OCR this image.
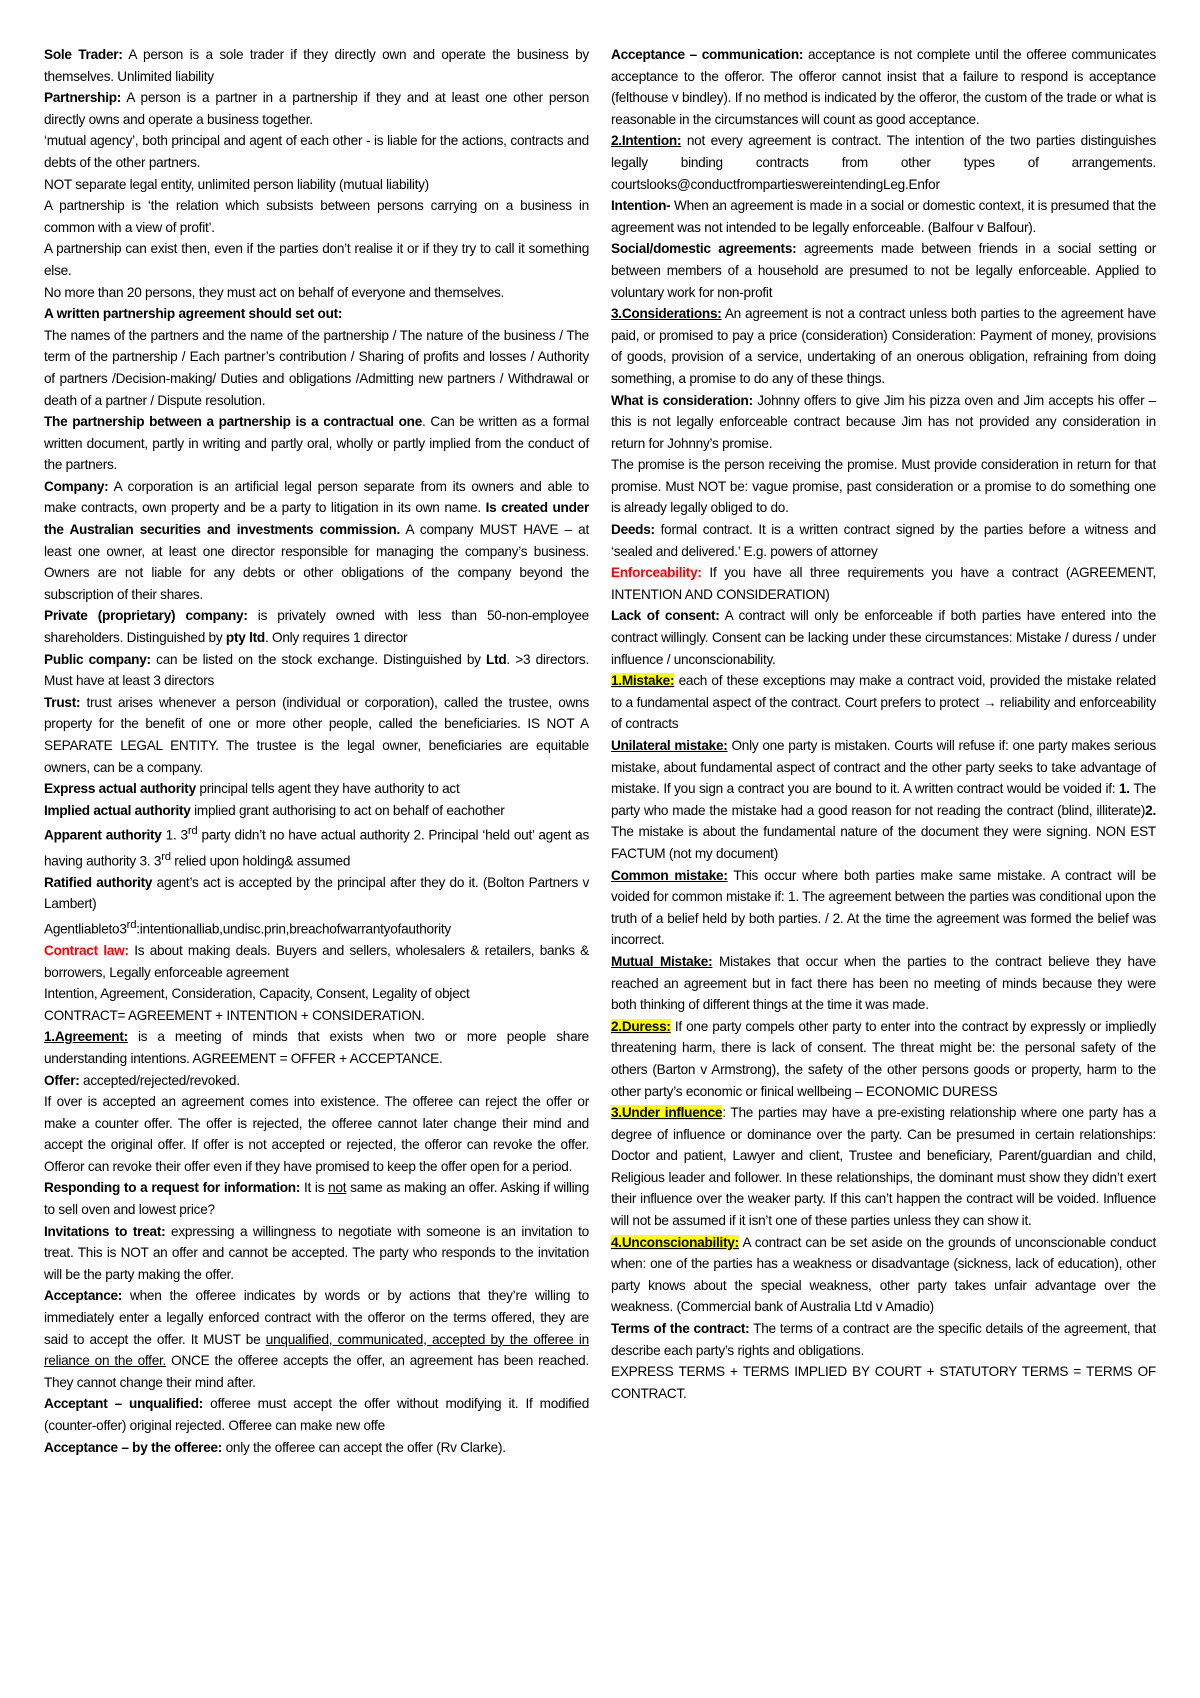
Sole Trader: A person is a sole trader if they directly own and operate the business by themselves. Unlimited liability

Partnership: A person is a partner in a partnership if they and at least one other person directly owns and operate a business together.

‘mutual agency’, both principal and agent of each other - is liable for the actions, contracts and debts of the other partners.

NOT separate legal entity, unlimited person liability (mutual liability)

A partnership is ‘the relation which subsists between persons carrying on a business in common with a view of profit’.

A partnership can exist then, even if the parties don’t realise it or if they try to call it something else.

No more than 20 persons, they must act on behalf of everyone and themselves.

A written partnership agreement should set out:

The names of the partners and the name of the partnership / The nature of the business / The term of the partnership / Each partner’s contribution / Sharing of profits and losses / Authority of partners /Decision-making/ Duties and obligations /Admitting new partners / Withdrawal or death of a partner / Dispute resolution.

The partnership between a partnership is a contractual one. Can be written as a formal written document, partly in writing and partly oral, wholly or partly implied from the conduct of the partners.

Company: A corporation is an artificial legal person separate from its owners and able to make contracts, own property and be a party to litigation in its own name. Is created under the Australian securities and investments commission. A company MUST HAVE – at least one owner, at least one director responsible for managing the company’s business. Owners are not liable for any debts or other obligations of the company beyond the subscription of their shares.

Private (proprietary) company: is privately owned with less than 50-non-employee shareholders. Distinguished by pty ltd. Only requires 1 director

Public company: can be listed on the stock exchange. Distinguished by Ltd. >3 directors. Must have at least 3 directors

Trust: trust arises whenever a person (individual or corporation), called the trustee, owns property for the benefit of one or more other people, called the beneficiaries. IS NOT A SEPARATE LEGAL ENTITY. The trustee is the legal owner, beneficiaries are equitable owners, can be a company.

Express actual authority principal tells agent they have authority to act

Implied actual authority implied grant authorising to act on behalf of eachother

Apparent authority 1. 3rd party didn’t no have actual authority 2. Principal ‘held out’ agent as having authority 3. 3rd relied upon holding& assumed

Ratified authority agent’s act is accepted by the principal after they do it. (Bolton Partners v Lambert)

Agentliableto3rd:intentionalliab,undisc.prin,breachofwarrantyofauthority

Contract law: Is about making deals. Buyers and sellers, wholesalers & retailers, banks & borrowers, Legally enforceable agreement

Intention, Agreement, Consideration, Capacity, Consent, Legality of object

CONTRACT= AGREEMENT + INTENTION + CONSIDERATION.

1.Agreement: is a meeting of minds that exists when two or more people share understanding intentions. AGREEMENT = OFFER + ACCEPTANCE.

Offer: accepted/rejected/revoked.

If over is accepted an agreement comes into existence. The offeree can reject the offer or make a counter offer. The offer is rejected, the offeree cannot later change their mind and accept the original offer. If offer is not accepted or rejected, the offeror can revoke the offer. Offeror can revoke their offer even if they have promised to keep the offer open for a period.

Responding to a request for information: It is not same as making an offer. Asking if willing to sell oven and lowest price?

Invitations to treat: expressing a willingness to negotiate with someone is an invitation to treat. This is NOT an offer and cannot be accepted. The party who responds to the invitation will be the party making the offer.

Acceptance: when the offeree indicates by words or by actions that they’re willing to immediately enter a legally enforced contract with the offeror on the terms offered, they are said to accept the offer. It MUST be unqualified, communicated, accepted by the offeree in reliance on the offer. ONCE the offeree accepts the offer, an agreement has been reached. They cannot change their mind after.

Acceptant – unqualified: offeree must accept the offer without modifying it. If modified (counter-offer) original rejected. Offeree can make new offe

Acceptance – by the offeree: only the offeree can accept the offer (Rv Clarke).

Acceptance – communication: acceptance is not complete until the offeree communicates acceptance to the offeror. The offeror cannot insist that a failure to respond is acceptance (felthouse v bindley). If no method is indicated by the offeror, the custom of the trade or what is reasonable in the circumstances will count as good acceptance.

2.Intention: not every agreement is contract. The intention of the two parties distinguishes legally binding contracts from other types of arrangements. courtslooks@conductfrompartieswereintendingLeg.Enfor

Intention- When an agreement is made in a social or domestic context, it is presumed that the agreement was not intended to be legally enforceable. (Balfour v Balfour).

Social/domestic agreements: agreements made between friends in a social setting or between members of a household are presumed to not be legally enforceable. Applied to voluntary work for non-profit

3.Considerations: An agreement is not a contract unless both parties to the agreement have paid, or promised to pay a price (consideration) Consideration: Payment of money, provisions of goods, provision of a service, undertaking of an onerous obligation, refraining from doing something, a promise to do any of these things.

What is consideration: Johnny offers to give Jim his pizza oven and Jim accepts his offer – this is not legally enforceable contract because Jim has not provided any consideration in return for Johnny’s promise.

The promise is the person receiving the promise. Must provide consideration in return for that promise. Must NOT be: vague promise, past consideration or a promise to do something one is already legally obliged to do.

Deeds: formal contract. It is a written contract signed by the parties before a witness and ‘sealed and delivered.’ E.g. powers of attorney

Enforceability: If you have all three requirements you have a contract (AGREEMENT, INTENTION AND CONSIDERATION)

Lack of consent: A contract will only be enforceable if both parties have entered into the contract willingly. Consent can be lacking under these circumstances: Mistake / duress / under influence / unconscionability.

1.Mistake: each of these exceptions may make a contract void, provided the mistake related to a fundamental aspect of the contract. Court prefers to protect → reliability and enforceability of contracts

Unilateral mistake: Only one party is mistaken. Courts will refuse if: one party makes serious mistake, about fundamental aspect of contract and the other party seeks to take advantage of mistake. If you sign a contract you are bound to it. A written contract would be voided if: 1. The party who made the mistake had a good reason for not reading the contract (blind, illiterate)2. The mistake is about the fundamental nature of the document they were signing. NON EST FACTUM (not my document)

Common mistake: This occur where both parties make same mistake. A contract will be voided for common mistake if: 1. The agreement between the parties was conditional upon the truth of a belief held by both parties. / 2. At the time the agreement was formed the belief was incorrect.

Mutual Mistake: Mistakes that occur when the parties to the contract believe they have reached an agreement but in fact there has been no meeting of minds because they were both thinking of different things at the time it was made.

2.Duress: If one party compels other party to enter into the contract by expressly or impliedly threatening harm, there is lack of consent. The threat might be: the personal safety of the others (Barton v Armstrong), the safety of the other persons goods or property, harm to the other party’s economic or finical wellbeing – ECONOMIC DURESS

3.Under influence: The parties may have a pre-existing relationship where one party has a degree of influence or dominance over the party. Can be presumed in certain relationships: Doctor and patient, Lawyer and client, Trustee and beneficiary, Parent/guardian and child, Religious leader and follower. In these relationships, the dominant must show they didn’t exert their influence over the weaker party. If this can’t happen the contract will be voided. Influence will not be assumed if it isn’t one of these parties unless they can show it.

4.Unconscionability: A contract can be set aside on the grounds of unconscionable conduct when: one of the parties has a weakness or disadvantage (sickness, lack of education), other party knows about the special weakness, other party takes unfair advantage over the weakness. (Commercial bank of Australia Ltd v Amadio)

Terms of the contract: The terms of a contract are the specific details of the agreement, that describe each party’s rights and obligations.

EXPRESS TERMS + TERMS IMPLIED BY COURT + STATUTORY TERMS = TERMS OF CONTRACT.
